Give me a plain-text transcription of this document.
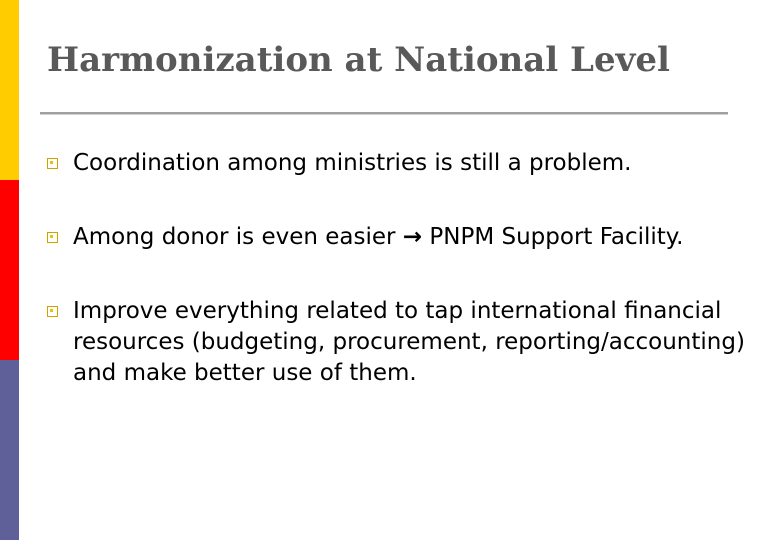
Harmonization at National Level
Coordination among ministries is still a problem.
Among donor is even easier → PNPM Support Facility.
Improve everything related to tap international financial resources (budgeting, procurement, reporting/accounting) and make better use of them.
